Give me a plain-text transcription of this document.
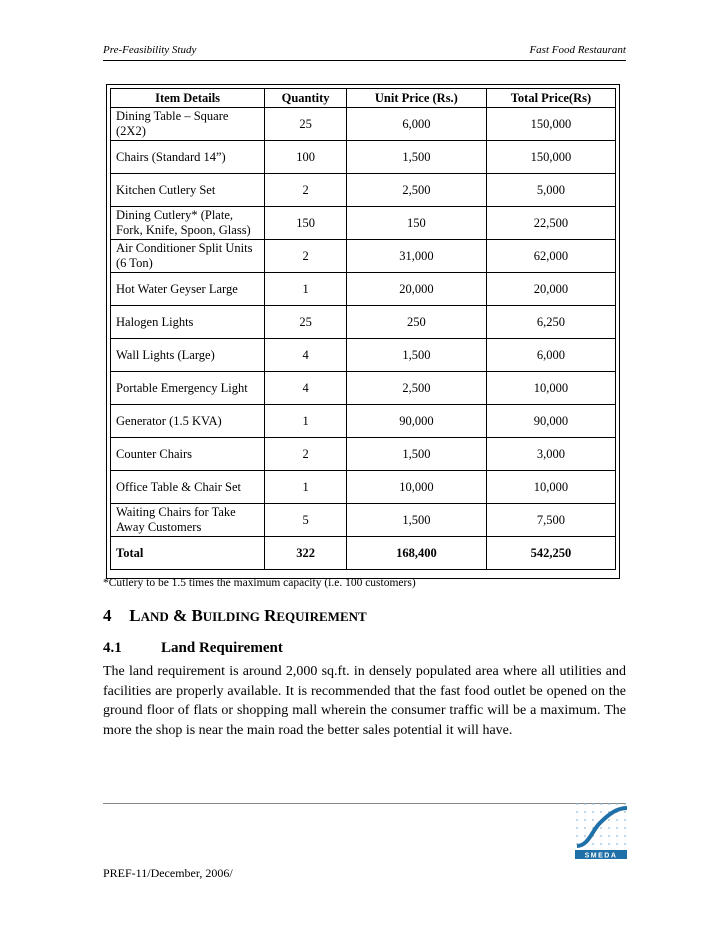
Pre-Feasibility Study	Fast Food Restaurant
Item Details	Quantity	Unit Price (Rs.)	Total Price(Rs)
Dining Table – Square (2X2)	25	6,000	150,000
Chairs (Standard 14”)	100	1,500	150,000
Kitchen Cutlery Set	2	2,500	5,000
Dining Cutlery* (Plate, Fork, Knife, Spoon, Glass)	150	150	22,500
Air Conditioner Split Units (6 Ton)	2	31,000	62,000
Hot Water Geyser Large	1	20,000	20,000
Halogen Lights	25	250	6,250
Wall Lights (Large)	4	1,500	6,000
Portable Emergency Light	4	2,500	10,000
Generator (1.5 KVA)	1	90,000	90,000
Counter Chairs	2	1,500	3,000
Office Table & Chair Set	1	10,000	10,000
Waiting Chairs for Take Away Customers	5	1,500	7,500
Total	322	168,400	542,250
*Cutlery to be 1.5 times the maximum capacity (i.e. 100 customers)
4 LAND & BUILDING REQUIREMENT
4.1	Land Requirement
The land requirement is around 2,000 sq.ft. in densely populated area where all utilities and facilities are properly available. It is recommended that the fast food outlet be opened on the ground floor of flats or shopping mall wherein the consumer traffic will be a maximum. The more the shop is near the main road the better sales potential it will have.
SMEDA
PREF-11/December, 2006/
